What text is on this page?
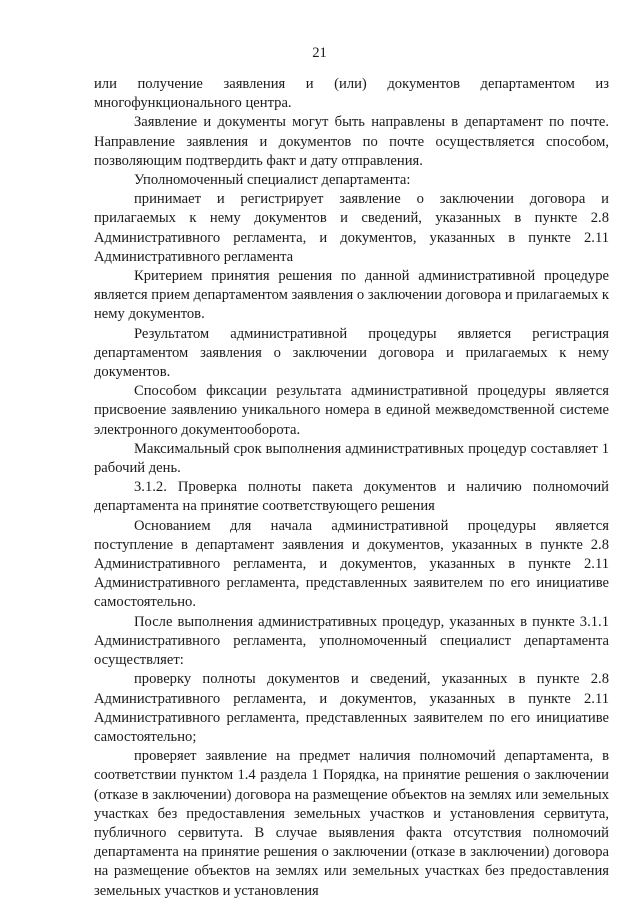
21

или получение заявления и (или) документов департаментом из многофункционального центра.

Заявление и документы могут быть направлены в департамент по почте. Направление заявления и документов по почте осуществляется способом, позволяющим подтвердить факт и дату отправления.

Уполномоченный специалист департамента:

принимает и регистрирует заявление о заключении договора и прилагаемых к нему документов и сведений, указанных в пункте 2.8 Административного регламента, и документов, указанных в пункте 2.11 Административного регламента

Критерием принятия решения по данной административной процедуре является прием департаментом заявления о заключении договора и прилагаемых к нему документов.

Результатом административной процедуры является регистрация департаментом заявления о заключении договора и прилагаемых к нему документов.

Способом фиксации результата административной процедуры является присвоение заявлению уникального номера в единой межведомственной системе электронного документооборота.

Максимальный срок выполнения административных процедур составляет 1 рабочий день.

3.1.2. Проверка полноты пакета документов и наличию полномочий департамента на принятие соответствующего решения

Основанием для начала административной процедуры является поступление в департамент заявления и документов, указанных в пункте 2.8 Административного регламента, и документов, указанных в пункте 2.11 Административного регламента, представленных заявителем по его инициативе самостоятельно.

После выполнения административных процедур, указанных в пункте 3.1.1 Административного регламента, уполномоченный специалист департамента осуществляет:

проверку полноты документов и сведений, указанных в пункте 2.8 Административного регламента, и документов, указанных в пункте 2.11 Административного регламента, представленных заявителем по его инициативе самостоятельно;

проверяет заявление на предмет наличия полномочий департамента, в соответствии пунктом 1.4 раздела 1 Порядка, на принятие решения о заключении (отказе в заключении) договора на размещение объектов на землях или земельных участках без предоставления земельных участков и установления сервитута, публичного сервитута. В случае выявления факта отсутствия полномочий департамента на принятие решения о заключении (отказе в заключении) договора на размещение объектов на землях или земельных участках без предоставления земельных участков и установления
